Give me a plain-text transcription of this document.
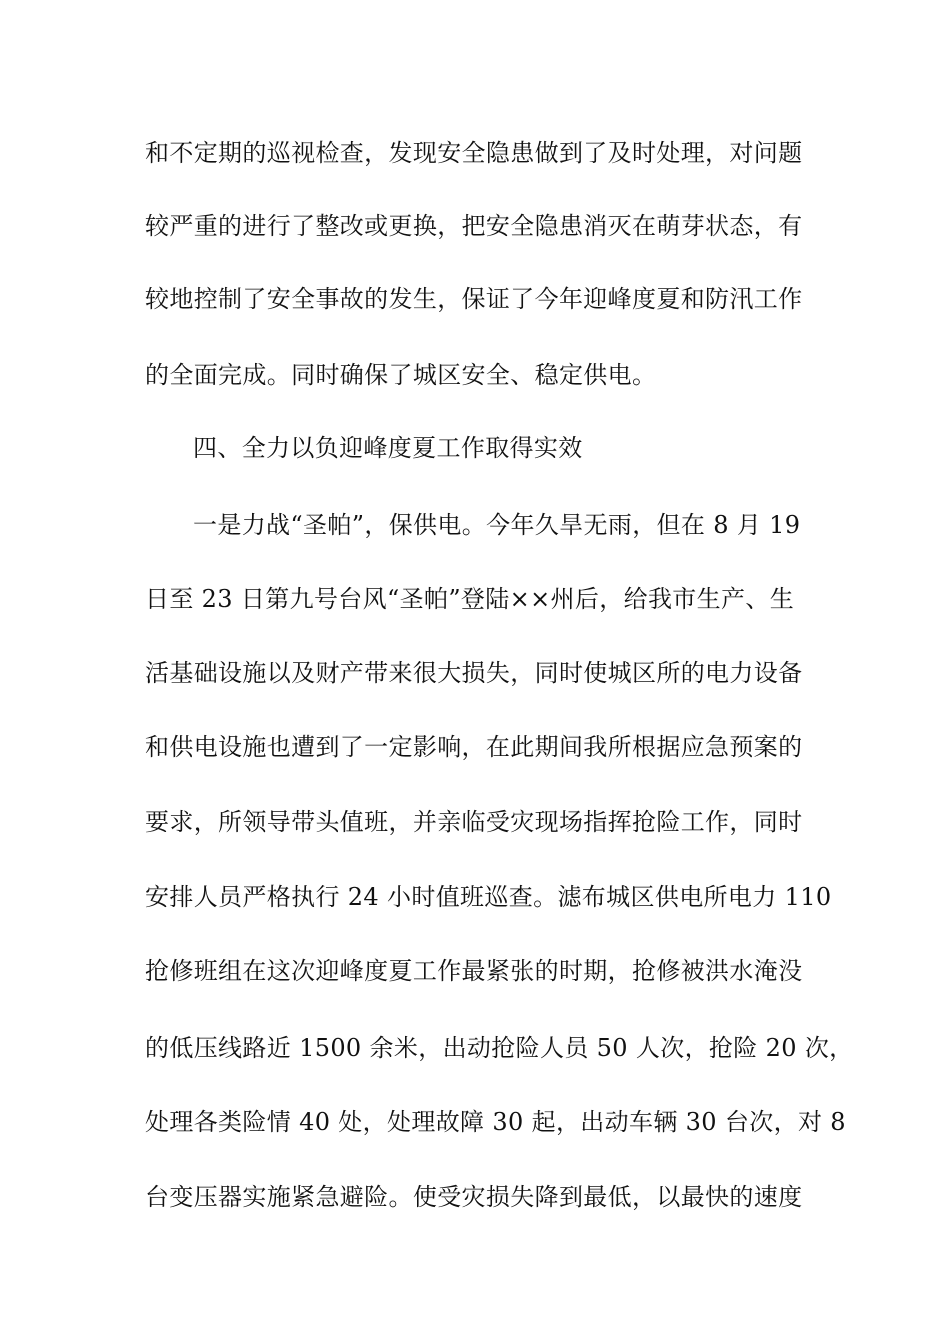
和不定期的巡视检查，发现安全隐患做到了及时处理，对问题
较严重的进行了整改或更换，把安全隐患消灭在萌芽状态，有
较地控制了安全事故的发生，保证了今年迎峰度夏和防汛工作
的全面完成。同时确保了城区安全、稳定供电。
四、全力以负迎峰度夏工作取得实效
一是力战“圣帕”，保供电。今年久旱无雨，但在 8 月 19
日至 23 日第九号台风“圣帕”登陆××州后，给我市生产、生
活基础设施以及财产带来很大损失，同时使城区所的电力设备
和供电设施也遭到了一定影响，在此期间我所根据应急预案的
要求，所领导带头值班，并亲临受灾现场指挥抢险工作，同时
安排人员严格执行 24 小时值班巡查。滤布城区供电所电力 110
抢修班组在这次迎峰度夏工作最紧张的时期，抢修被洪水淹没
的低压线路近 1500 余米，出动抢险人员 50 人次，抢险 20 次，
处理各类险情 40 处，处理故障 30 起，出动车辆 30 台次，对 8
台变压器实施紧急避险。使受灾损失降到最低，以最快的速度
